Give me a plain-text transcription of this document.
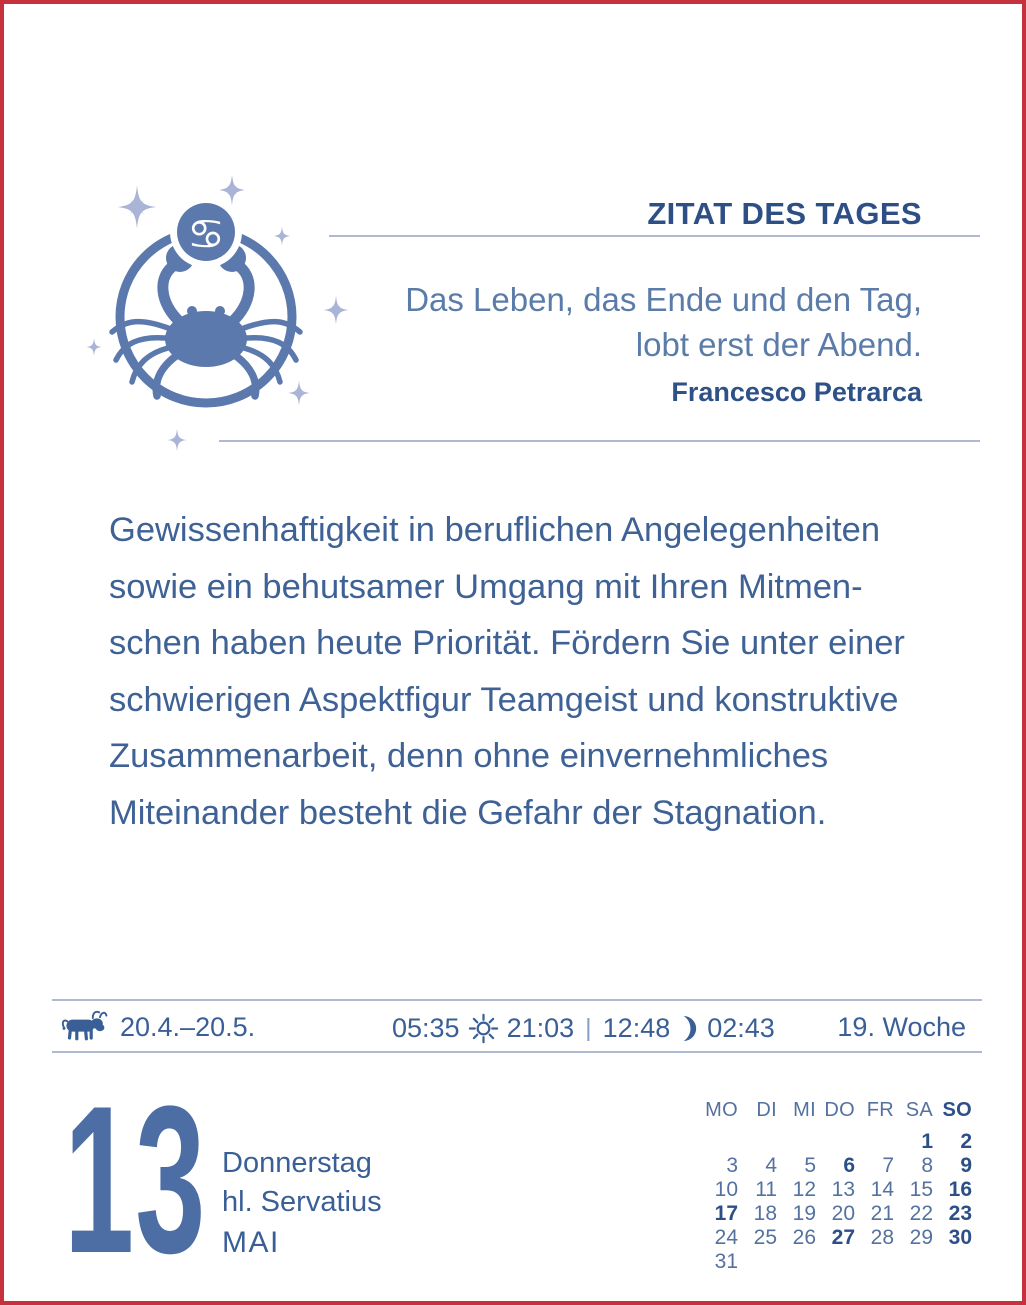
♋	ZITAT DES TAGES
Das Leben, das Ende und den Tag,
lobt erst der Abend.
Francesco Petrarca
Gewissenhaftigkeit in beruflichen Angelegenheiten
sowie ein behutsamer Umgang mit Ihren Mitmen-
schen haben heute Priorität. Fördern Sie unter einer
schwierigen Aspektfigur Teamgeist und konstruktive
Zusammenarbeit, denn ohne einvernehmliches
Miteinander besteht die Gefahr der Stagnation.
20.4.–20.5.	05:35 21:03 | 12:48 02:43 19. Woche
13 Donnerstag
hl. Servatius
MAI
MO	DI	MI	DO	FR	SA	SO
					1	2
3	4	5	6	7	8	9
10	11	12	13	14	15	16
17	18	19	20	21	22	23
24	25	26	27	28	29	30
31						
